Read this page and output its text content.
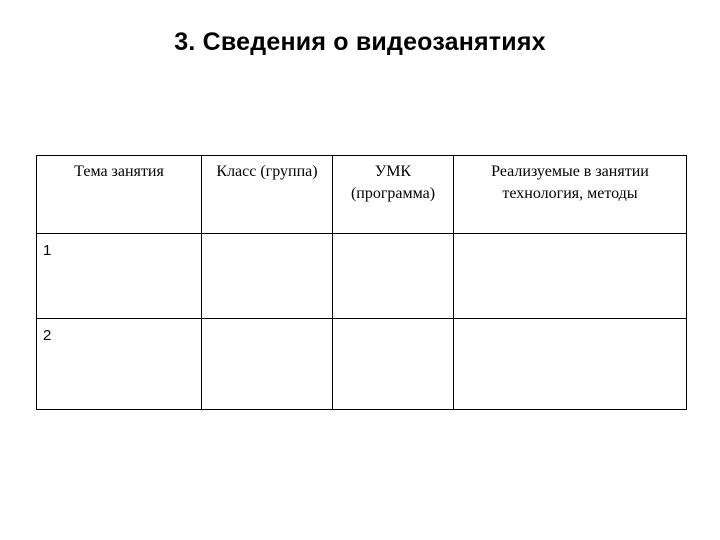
3. Сведения о видеозанятиях
Тема занятия	Класс (группа)	УМК (программа)	Реализуемые в занятии технология, методы

1			

2			
